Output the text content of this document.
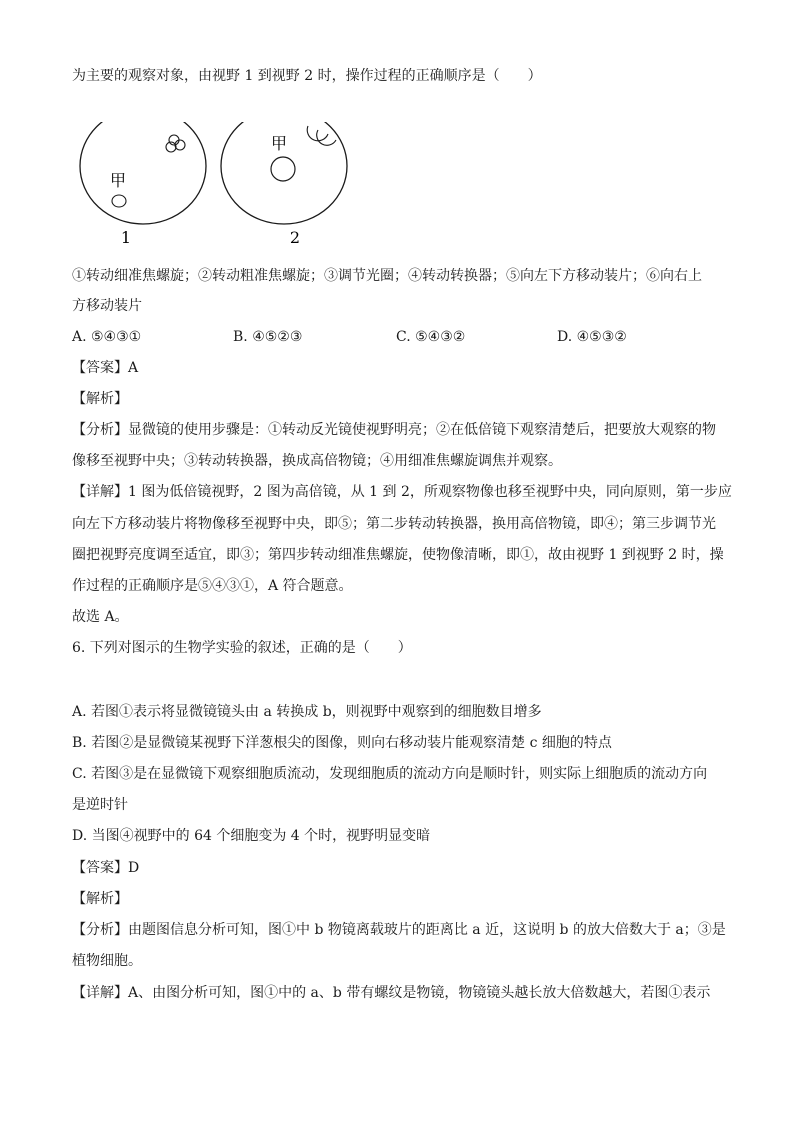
为主要的观察对象，由视野 1 到视野 2 时，操作过程的正确顺序是（　　）
甲
1
甲
2
①转动细准焦螺旋；②转动粗准焦螺旋；③调节光圈；④转动转换器；⑤向左下方移动装片；⑥向右上
方移动装片
A. ⑤④③①	B. ④⑤②③	C. ⑤④③②	D. ④⑤③②
【答案】A
【解析】
【分析】显微镜的使用步骤是：①转动反光镜使视野明亮；②在低倍镜下观察清楚后，把要放大观察的物
像移至视野中央；③转动转换器，换成高倍物镜；④用细准焦螺旋调焦并观察。
【详解】1 图为低倍镜视野，2 图为高倍镜，从 1 到 2，所观察物像也移至视野中央，同向原则，第一步应
向左下方移动装片将物像移至视野中央，即⑤；第二步转动转换器，换用高倍物镜，即④；第三步调节光
圈把视野亮度调至适宜，即③；第四步转动细准焦螺旋，使物像清晰，即①，故由视野 1 到视野 2 时，操
作过程的正确顺序是⑤④③①，A 符合题意。
故选 A。
6. 下列对图示的生物学实验的叙述，正确的是（　　）
A. 若图①表示将显微镜镜头由 a 转换成 b，则视野中观察到的细胞数目增多
B. 若图②是显微镜某视野下洋葱根尖的图像，则向右移动装片能观察清楚 c 细胞的特点
C. 若图③是在显微镜下观察细胞质流动，发现细胞质的流动方向是顺时针，则实际上细胞质的流动方向
是逆时针
D. 当图④视野中的 64 个细胞变为 4 个时，视野明显变暗
【答案】D
【解析】
【分析】由题图信息分析可知，图①中 b 物镜离载玻片的距离比 a 近，这说明 b 的放大倍数大于 a；③是
植物细胞。
【详解】A、由图分析可知，图①中的 a、b 带有螺纹是物镜，物镜镜头越长放大倍数越大，若图①表示
